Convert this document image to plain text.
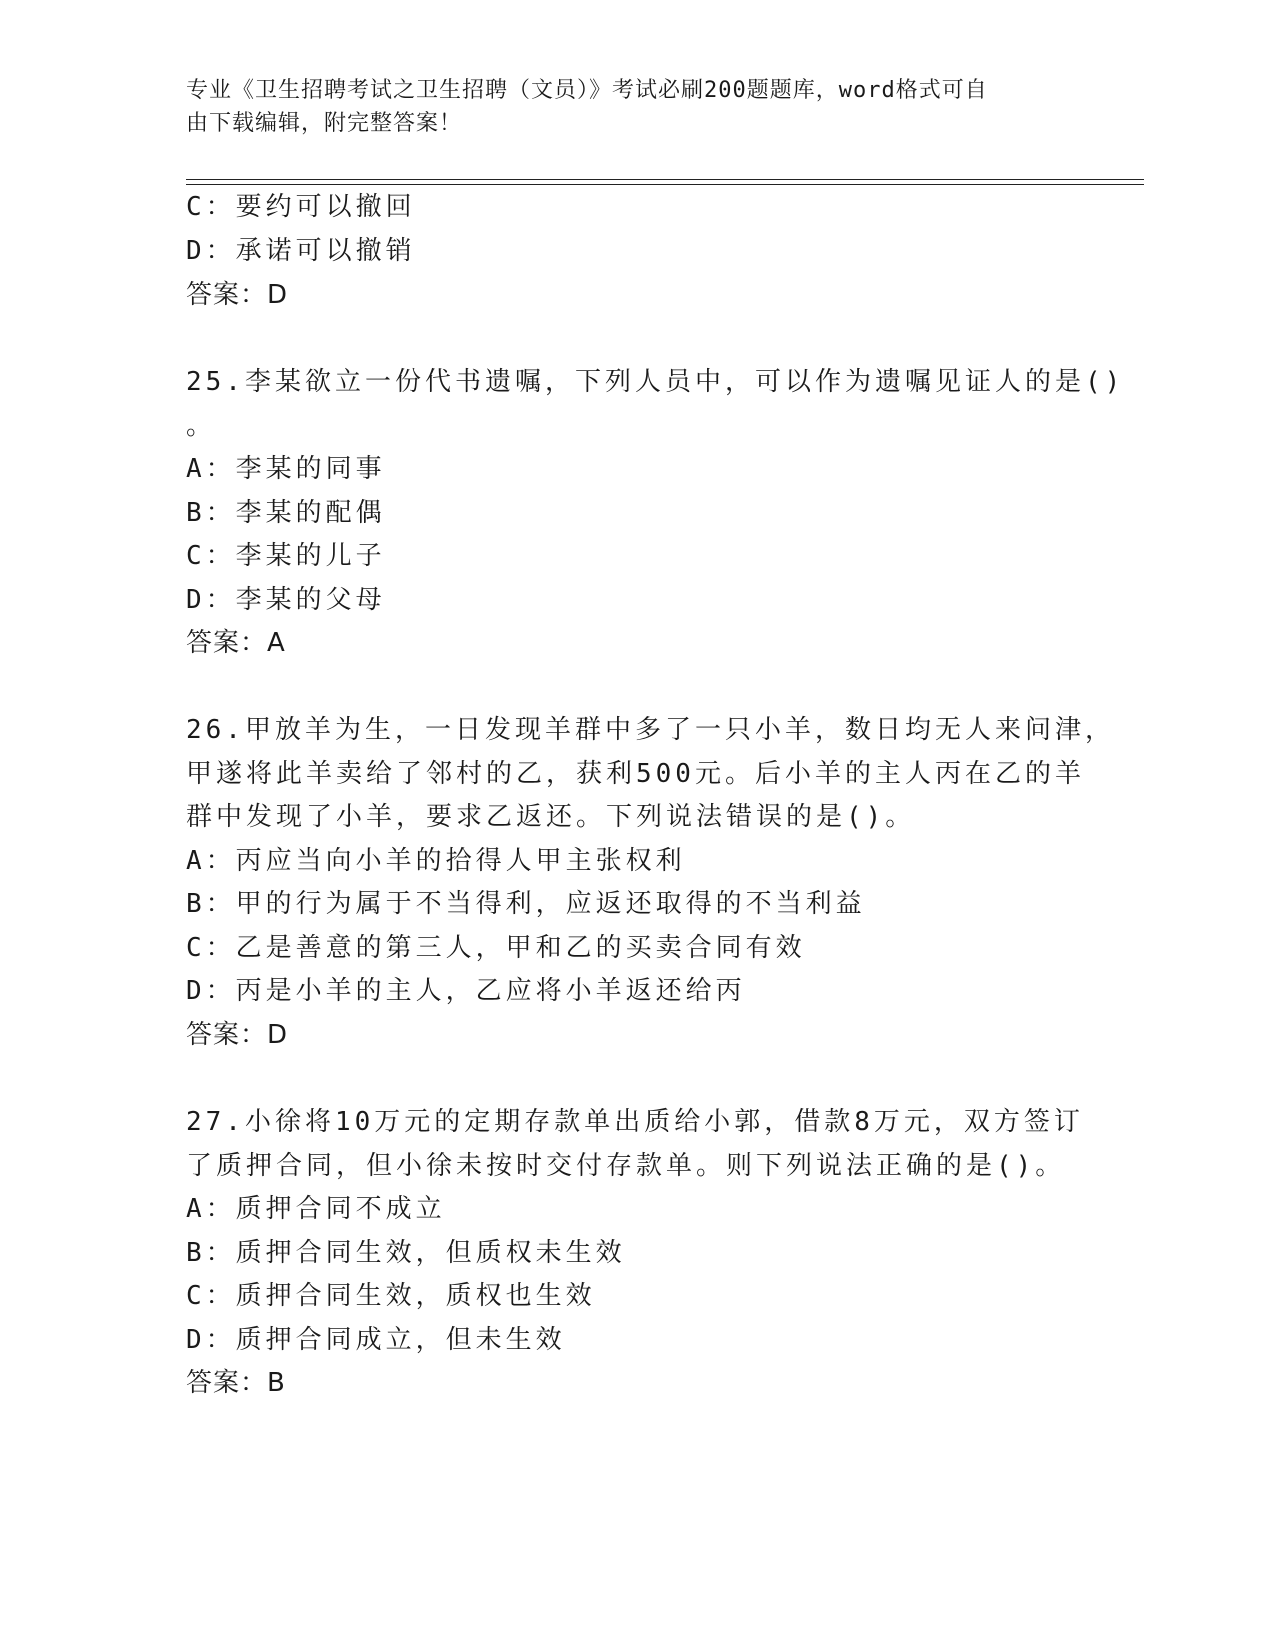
专业《卫生招聘考试之卫生招聘（文员）》考试必刷200题题库，word格式可自
由下载编辑，附完整答案！
C：要约可以撤回
D：承诺可以撤销
答案：D
25.李某欲立一份代书遗嘱，下列人员中，可以作为遗嘱见证人的是()
。
A：李某的同事
B：李某的配偶
C：李某的儿子
D：李某的父母
答案：A
26.甲放羊为生，一日发现羊群中多了一只小羊，数日均无人来问津，
甲遂将此羊卖给了邻村的乙，获利500元。后小羊的主人丙在乙的羊
群中发现了小羊，要求乙返还。下列说法错误的是()。
A：丙应当向小羊的拾得人甲主张权利
B：甲的行为属于不当得利，应返还取得的不当利益
C：乙是善意的第三人，甲和乙的买卖合同有效
D：丙是小羊的主人，乙应将小羊返还给丙
答案：D
27.小徐将10万元的定期存款单出质给小郭，借款8万元，双方签订
了质押合同，但小徐未按时交付存款单。则下列说法正确的是()。
A：质押合同不成立
B：质押合同生效，但质权未生效
C：质押合同生效，质权也生效
D：质押合同成立，但未生效
答案：B
